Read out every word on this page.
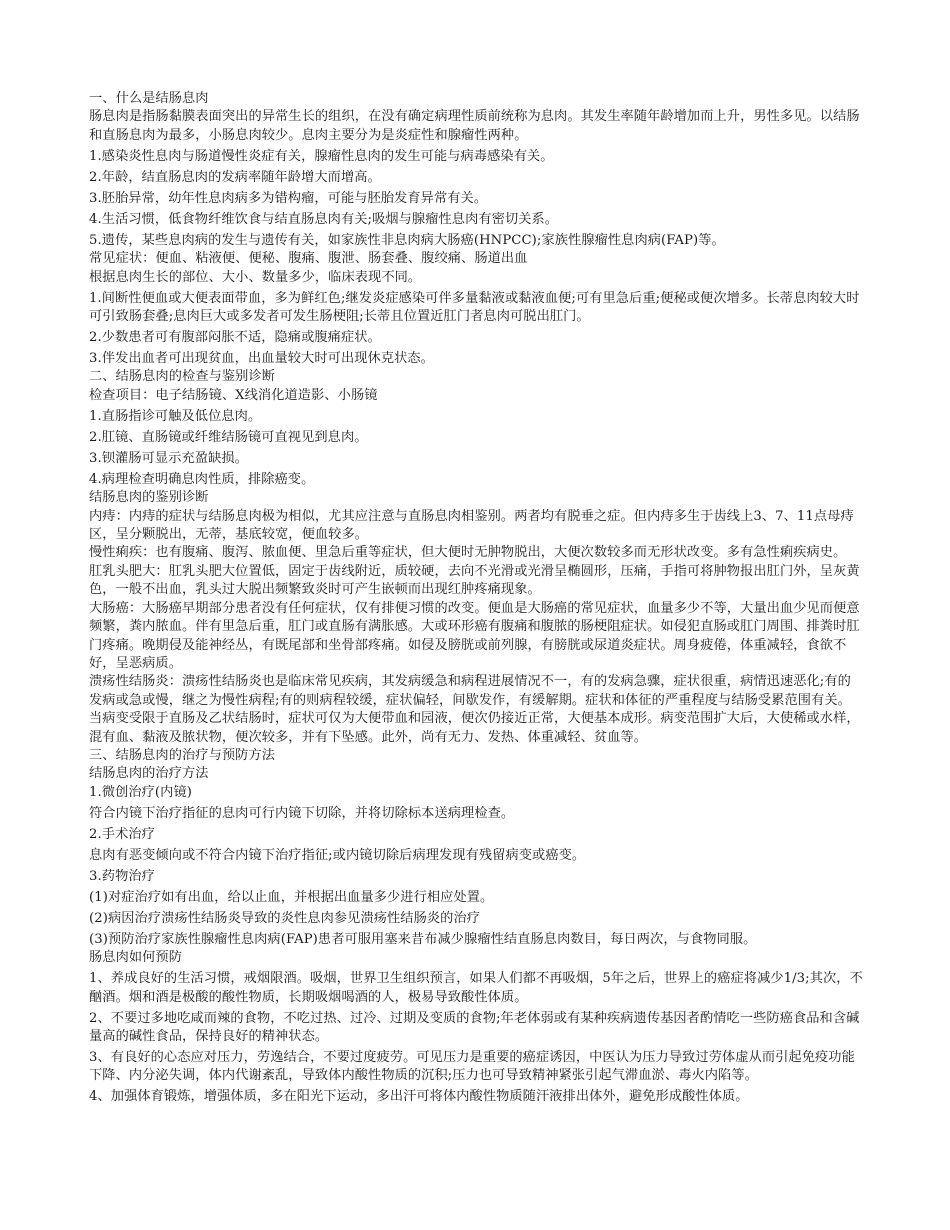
一、什么是结肠息肉

肠息肉是指肠黏膜表面突出的异常生长的组织，在没有确定病理性质前统称为息肉。其发生率随年龄增加而上升，男性多见。以结肠和直肠息肉为最多，小肠息肉较少。息肉主要分为是炎症性和腺瘤性两种。

1.感染炎性息肉与肠道慢性炎症有关，腺瘤性息肉的发生可能与病毒感染有关。

2.年龄，结直肠息肉的发病率随年龄增大而增高。

3.胚胎异常，幼年性息肉病多为错构瘤，可能与胚胎发育异常有关。

4.生活习惯，低食物纤维饮食与结直肠息肉有关;吸烟与腺瘤性息肉有密切关系。

5.遗传，某些息肉病的发生与遗传有关，如家族性非息肉病大肠癌(HNPCC);家族性腺瘤性息肉病(FAP)等。

常见症状：便血、粘液便、便秘、腹痛、腹泄、肠套叠、腹绞痛、肠道出血

根据息肉生长的部位、大小、数量多少，临床表现不同。

1.间断性便血或大便表面带血，多为鲜红色;继发炎症感染可伴多量黏液或黏液血便;可有里急后重;便秘或便次增多。长蒂息肉较大时可引致肠套叠;息肉巨大或多发者可发生肠梗阻;长蒂且位置近肛门者息肉可脱出肛门。

2.少数患者可有腹部闷胀不适，隐痛或腹痛症状。

3.伴发出血者可出现贫血，出血量较大时可出现休克状态。

二、结肠息肉的检查与鉴别诊断

检查项目：电子结肠镜、X线消化道造影、小肠镜

1.直肠指诊可触及低位息肉。

2.肛镜、直肠镜或纤维结肠镜可直视见到息肉。

3.钡灌肠可显示充盈缺损。

4.病理检查明确息肉性质，排除癌变。

结肠息肉的鉴别诊断

内痔：内痔的症状与结肠息肉极为相似，尤其应注意与直肠息肉相鉴别。两者均有脱垂之症。但内痔多生于齿线上3、7、11点母痔区，呈分颗脱出，无蒂，基底较宽，便血较多。

慢性痢疾：也有腹痛、腹泻、脓血便、里急后重等症状，但大便时无肿物脱出，大便次数较多而无形状改变。多有急性痢疾病史。

肛乳头肥大：肛乳头肥大位置低，固定于齿线附近，质较硬，去向不光滑或光滑呈椭圆形，压痛，手指可将肿物报出肛门外，呈灰黄色，一般不出血，乳头过大脱出频繁致炎时可产生嵌顿而出现红肿疼痛现象。

大肠癌：大肠癌早期部分患者没有任何症状，仅有排便习惯的改变。便血是大肠癌的常见症状，血量多少不等，大量出血少见而便意频繁，粪内脓血。伴有里急后重，肛门或直肠有满胀感。大或环形癌有腹痛和腹脓的肠梗阻症状。如侵犯直肠或肛门周围、排粪时肛门疼痛。晚期侵及能神经丛，有既尾部和坐骨部疼痛。如侵及膀胱或前列腺，有膀胱或尿道炎症状。周身疲倦，体重减轻，食欲不好，呈恶病质。

溃疡性结肠炎：溃疡性结肠炎也是临床常见疾病，其发病缓急和病程进展情况不一，有的发病急骤，症状很重，病情迅速恶化;有的发病或急或慢，继之为慢性病程;有的则病程较缓，症状偏轻，间歇发作，有缓解期。症状和体征的严重程度与结肠受累范围有关。当病变受限于直肠及乙状结肠时，症状可仅为大便带血和园液，便次仍接近正常，大便基本成形。病变范围扩大后，大使稀或水样，混有血、黏液及脓状物，便次较多，并有下坠感。此外，尚有无力、发热、体重减轻、贫血等。

三、结肠息肉的治疗与预防方法

结肠息肉的治疗方法

1.微创治疗(内镜)

符合内镜下治疗指征的息肉可行内镜下切除，并将切除标本送病理检查。

2.手术治疗

息肉有恶变倾向或不符合内镜下治疗指征;或内镜切除后病理发现有残留病变或癌变。

3.药物治疗

(1)对症治疗如有出血，给以止血，并根据出血量多少进行相应处置。

(2)病因治疗溃疡性结肠炎导致的炎性息肉参见溃疡性结肠炎的治疗

(3)预防治疗家族性腺瘤性息肉病(FAP)患者可服用塞来昔布减少腺瘤性结直肠息肉数目，每日两次，与食物同服。

肠息肉如何预防

1、养成良好的生活习惯，戒烟限酒。吸烟，世界卫生组织预言，如果人们都不再吸烟，5年之后，世界上的癌症将减少1/3;其次，不酗酒。烟和酒是极酸的酸性物质，长期吸烟喝酒的人，极易导致酸性体质。

2、不要过多地吃咸而辣的食物，不吃过热、过冷、过期及变质的食物;年老体弱或有某种疾病遗传基因者酌情吃一些防癌食品和含碱量高的碱性食品，保持良好的精神状态。

3、有良好的心态应对压力，劳逸结合，不要过度疲劳。可见压力是重要的癌症诱因，中医认为压力导致过劳体虚从而引起免疫功能下降、内分泌失调，体内代谢紊乱，导致体内酸性物质的沉积;压力也可导致精神紧张引起气滞血淤、毒火内陷等。

4、加强体育锻炼，增强体质，多在阳光下运动，多出汗可将体内酸性物质随汗液排出体外，避免形成酸性体质。
